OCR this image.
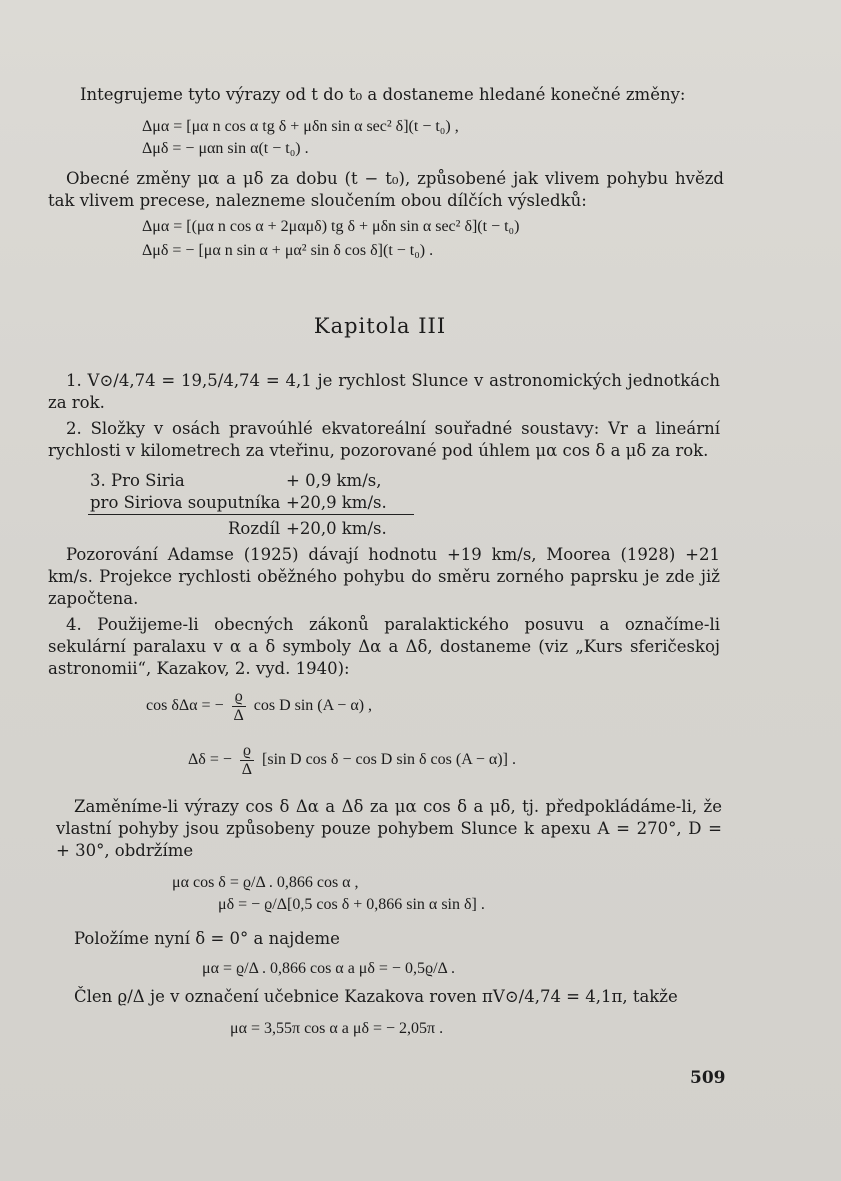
Integrujeme tyto výrazy od t do t₀ a dostaneme hledané konečné změny:
Δμα = [μα n cos α tg δ + μδn sin α sec² δ](t − t₀) ,
Δμδ = − μαn sin α(t − t₀) .
Obecné změny μα a μδ za dobu (t − t₀), způsobené jak vlivem pohybu hvězd tak vlivem precese, nalezneme sloučením obou dílčích výsledků:
Δμα = [(μα n cos α + 2μαμδ) tg δ + μδn sin α sec² δ](t − t₀)
Δμδ = − [μα n sin α + μα² sin δ cos δ](t − t₀) .
Kapitola III
1. V⊙/4,74 = 19,5/4,74 = 4,1 je rychlost Slunce v astronomických jednotkách za rok.
2. Složky v osách pravoúhlé ekvatoreální souřadné soustavy: Vr a lineární rychlosti v kilometrech za vteřinu, pozorované pod úhlem μα cos δ a μδ za rok.
3. Pro Siria	+ 0,9 km/s,
pro Siriova souputníka +20,9 km/s.
Rozdíl +20,0 km/s.
Pozorování Adamse (1925) dávají hodnotu +19 km/s, Moorea (1928) +21 km/s. Projekce rychlosti oběžného pohybu do směru zorného paprsku je zde již započtena.
4. Použijeme-li obecných zákonů paralaktického posuvu a označíme-li sekulární paralaxu v α a δ symboly Δα a Δδ, dostaneme (viz „Kurs sferičeskoj astronomii“, Kazakov, 2. vyd. 1940):
cos δΔα = − $\frac{ϱ}{\Delta}$ cos D sin (A − α) ,
Δδ = − $\frac{ϱ}{\Delta} [\sin$ D cos δ − cos D sin δ cos (A − α)] .
Zaměníme-li výrazy cos δ Δα a Δδ za μα cos δ a μδ, tj. předpokládáme-li, že vlastní pohyby jsou způsobeny pouze pohybem Slunce k apexu A = 270°, D = + 30°, obdržíme
μα cos δ = ϱ/Δ . 0,866 cos α ,
μδ = − ϱ/Δ[0,5 cos δ + 0,866 sin α sin δ] .
Položíme nyní δ = 0° a najdeme
μα = ϱ/Δ . 0,866 cos α a μδ = − 0,5ϱ/Δ .
Člen ϱ/Δ je v označení učebnice Kazakova roven πV⊙/4,74 = 4,1π, takže
μα = 3,55π cos α a μδ = − 2,05π .
509
